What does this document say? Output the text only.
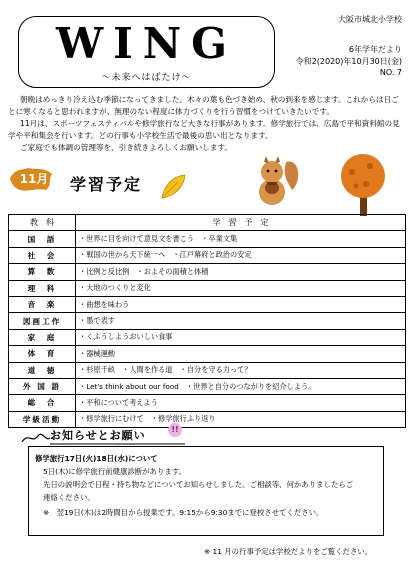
WING
～未来へはばたけ～
大阪市城北小学校
6年学年だより
令和2(2020)年10月30日(金)
NO. 7

朝晩はめっきり冷え込む季節になってきました。木々の葉も色づき始め、秋の到来を感じます。これからは日ごとに寒くなると思われますが、無理のない程度に体力づくりを行う習慣をつけていきたいです。

11月は、スポーツフェスティバルや修学旅行など大きな行事があります。修学旅行では、広島で平和資料館の見学や平和集会を行います。どの行事も小学校生活で最後の思い出となります。

ご家庭でも体調の管理等を、引き続きよろしくお願いします。

11月	学習予定
教　科	学　習　予　定
国　語	・世界に目を向けて意見文を書こう　・卒業文集
社　会	・戦国の世から天下統一へ　・江戸幕府と政治の安定
算　数	・比例と反比例　・およその面積と体積
理　科	・大地のつくりと変化
音　楽	・曲想を味わう
図画工作	・墨で表す
家　庭	・くふうしようおいしい食事
体　育	・器械運動
道　徳	・杉原千畝　・人間を作る道　・自分を守る力って？
外 国 語	・Let's think about our food　・世界と自分のつながりを紹介しよう。
総　合	・平和について考えよう
学級活動	・修学旅行にむけて　・修学旅行ふり返り
お知らせとお願い	!!
修学旅行17日(火)18日(水)について
5日(木)に修学旅行前健康診断があります。
先日の説明会で日程・持ち物などについてお知らせしました。ご相談等、何かありましたらご
連絡ください。
※　翌19日(木)は2時間目から授業です。9:15から9:30までに登校させてください。
※ 11 月の行事予定は学校だよりをご覧ください。
